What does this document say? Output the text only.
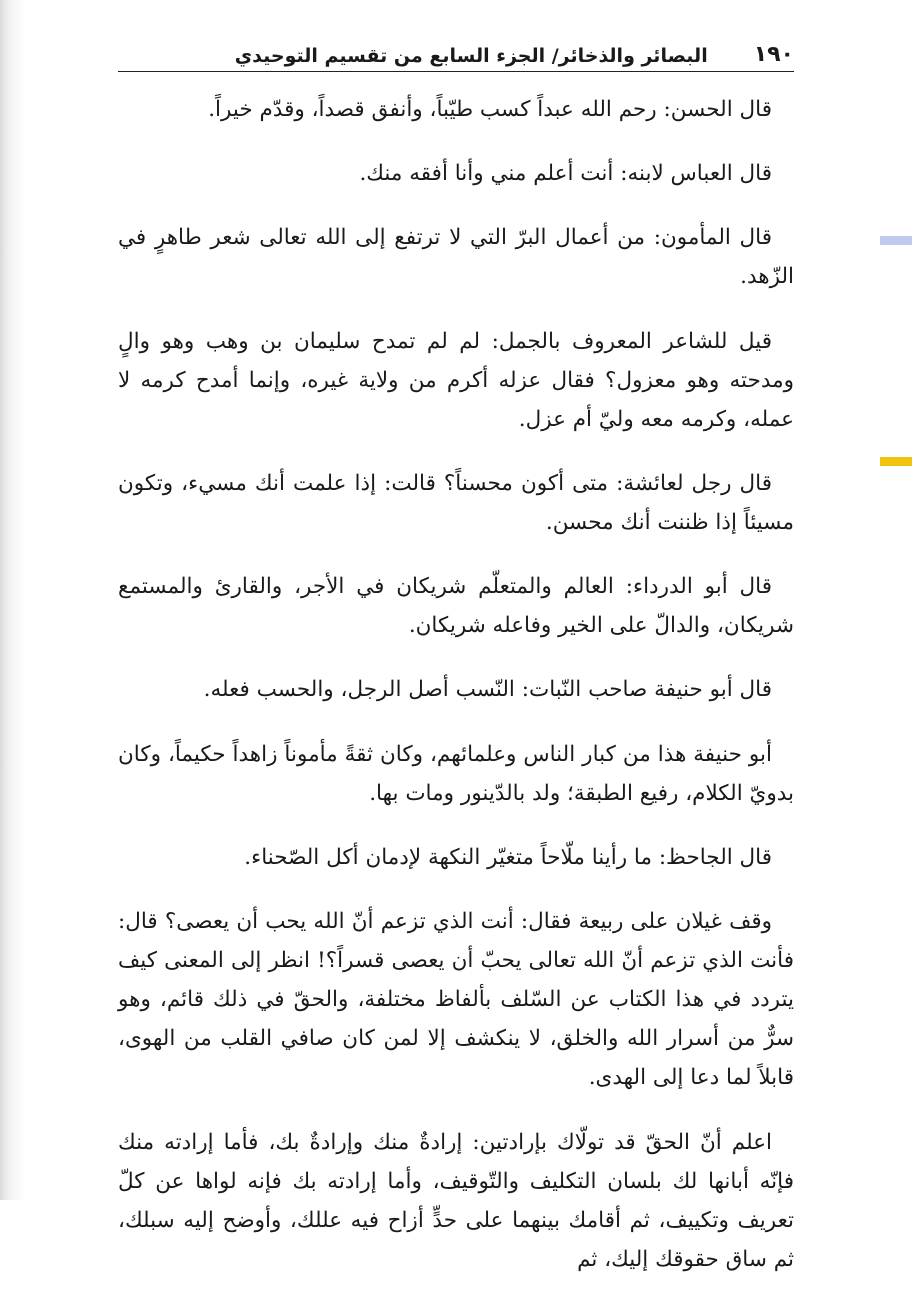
١٩٠
البصائر والذخائر/ الجزء السابع من تقسيم التوحيدي

قال الحسن: رحم الله عبداً كسب طيّباً، وأنفق قصداً، وقدّم خيراً.

قال العباس لابنه: أنت أعلم مني وأنا أفقه منك.

قال المأمون: من أعمال البرّ التي لا ترتفع إلى الله تعالى شعر طاهرٍ في الزّهد.

قيل للشاعر المعروف بالجمل: لم لم تمدح سليمان بن وهب وهو والٍ ومدحته وهو معزول؟ فقال عزله أكرم من ولاية غيره، وإنما أمدح كرمه لا عمله، وكرمه معه وليّ أم عزل.

قال رجل لعائشة: متى أكون محسناً؟ قالت: إذا علمت أنك مسيء، وتكون مسيئاً إذا ظننت أنك محسن.

قال أبو الدرداء: العالم والمتعلّم شريكان في الأجر، والقارئ والمستمع شريكان، والدالّ على الخير وفاعله شريكان.

قال أبو حنيفة صاحب النّبات: النّسب أصل الرجل، والحسب فعله.

أبو حنيفة هذا من كبار الناس وعلمائهم، وكان ثقةً مأموناً زاهداً حكيماً، وكان بدويّ الكلام، رفيع الطبقة؛ ولد بالدّينور ومات بها.

قال الجاحظ: ما رأينا ملّاحاً متغيّر النكهة لإدمان أكل الصّحناء.

وقف غيلان على ربيعة فقال: أنت الذي تزعم أنّ الله يحب أن يعصى؟ قال: فأنت الذي تزعم أنّ الله تعالى يحبّ أن يعصى قسراً؟! انظر إلى المعنى كيف يتردد في هذا الكتاب عن السّلف بألفاظ مختلفة، والحقّ في ذلك قائم، وهو سرٌّ من أسرار الله والخلق، لا ينكشف إلا لمن كان صافي القلب من الهوى، قابلاً لما دعا إلى الهدى.

اعلم أنّ الحقّ قد تولّاك بإرادتين: إرادةٌ منك وإرادةٌ بك، فأما إرادته منك فإنّه أبانها لك بلسان التكليف والتّوقيف، وأما إرادته بك فإنه لواها عن كلّ تعريف وتكييف، ثم أقامك بينهما على حدٍّ أزاح فيه عللك، وأوضح إليه سبلك، ثم ساق حقوقك إليك، ثم
